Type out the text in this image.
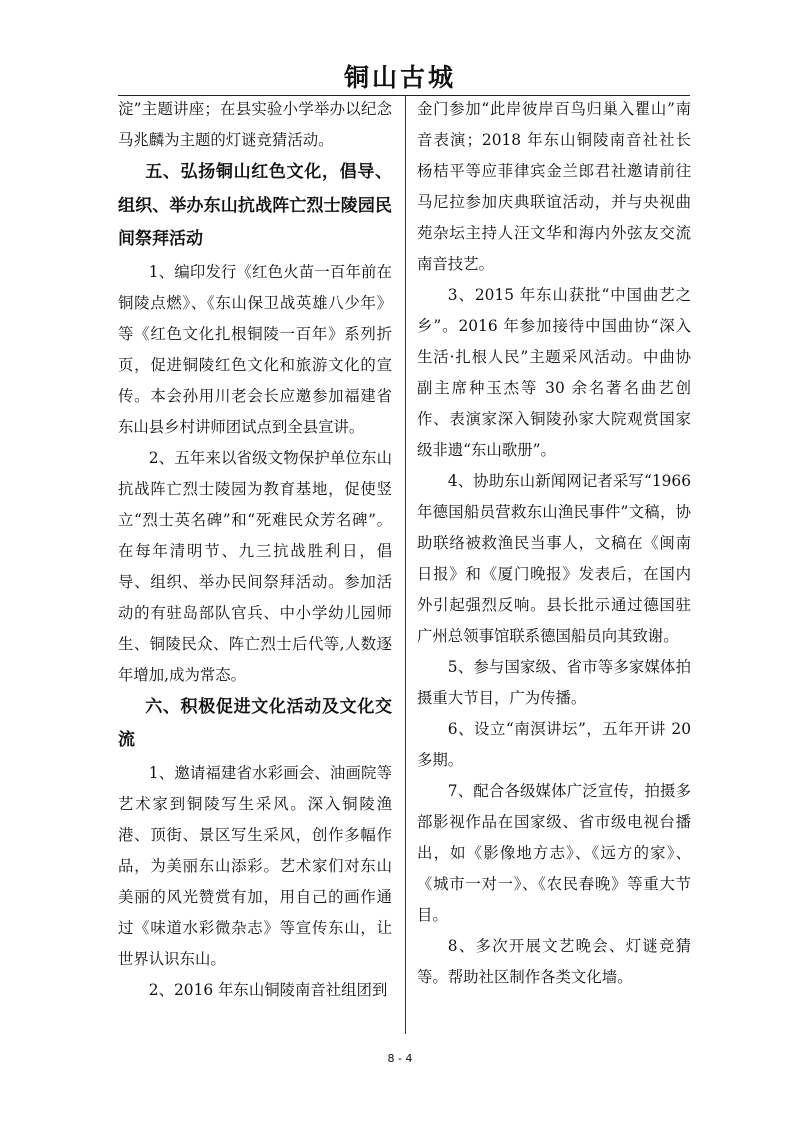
铜山古城

淀”主题讲座；在县实验小学举办以纪念马兆麟为主题的灯谜竞猜活动。

五、弘扬铜山红色文化，倡导、组织、举办东山抗战阵亡烈士陵园民间祭拜活动

1、编印发行《红色火苗一百年前在铜陵点燃》、《东山保卫战英雄八少年》等《红色文化扎根铜陵一百年》系列折页，促进铜陵红色文化和旅游文化的宣传。本会孙用川老会长应邀参加福建省东山县乡村讲师团试点到全县宣讲。

2、五年来以省级文物保护单位东山抗战阵亡烈士陵园为教育基地，促使竖立“烈士英名碑”和“死难民众芳名碑”。在每年清明节、九三抗战胜利日，倡导、组织、举办民间祭拜活动。参加活动的有驻岛部队官兵、中小学幼儿园师生、铜陵民众、阵亡烈士后代等,人数逐年增加,成为常态。

六、积极促进文化活动及文化交流

1、邀请福建省水彩画会、油画院等艺术家到铜陵写生采风。深入铜陵渔港、顶街、景区写生采风，创作多幅作品，为美丽东山添彩。艺术家们对东山美丽的风光赞赏有加，用自己的画作通过《味道水彩微杂志》等宣传东山，让世界认识东山。

2、2016 年东山铜陵南音社组团到

金门参加“此岸彼岸百鸟归巢入瞿山”南音表演；2018 年东山铜陵南音社社长杨桔平等应菲律宾金兰郎君社邀请前往马尼拉参加庆典联谊活动，并与央视曲苑杂坛主持人汪文华和海内外弦友交流南音技艺。

3、2015 年东山获批“中国曲艺之乡”。2016 年参加接待中国曲协“深入生活·扎根人民”主题采风活动。中曲协副主席种玉杰等 30 余名著名曲艺创作、表演家深入铜陵孙家大院观赏国家级非遗“东山歌册”。

4、协助东山新闻网记者采写“1966 年德国船员营救东山渔民事件”文稿，协助联络被救渔民当事人，文稿在《闽南日报》和《厦门晚报》发表后，在国内外引起强烈反响。县长批示通过德国驻广州总领事馆联系德国船员向其致谢。

5、参与国家级、省市等多家媒体拍摄重大节目，广为传播。

6、设立“南溟讲坛”，五年开讲 20 多期。

7、配合各级媒体广泛宣传，拍摄多部影视作品在国家级、省市级电视台播出，如《影像地方志》、《远方的家》、《城市一对一》、《农民春晚》等重大节目。

8、多次开展文艺晚会、灯谜竞猜等。帮助社区制作各类文化墙。

8 - 4
